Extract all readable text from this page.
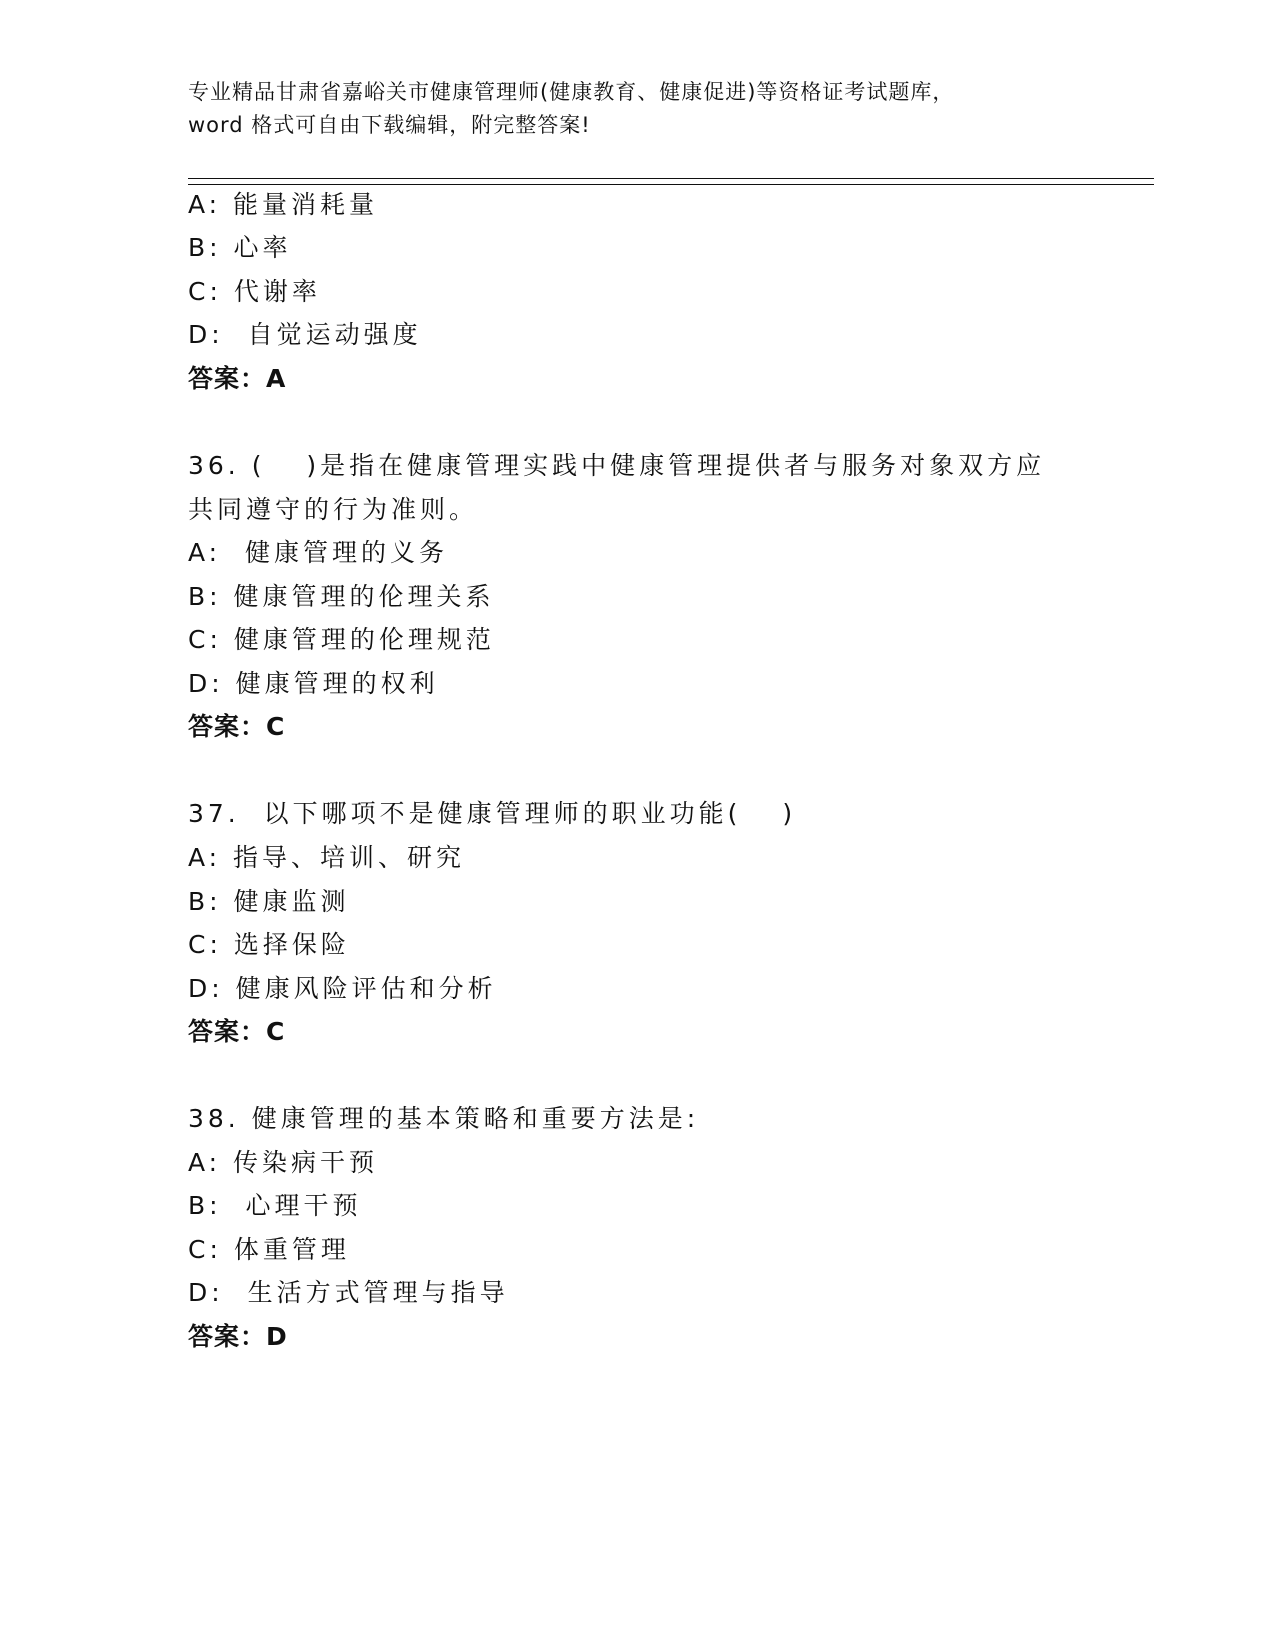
专业精品甘肃省嘉峪关市健康管理师(健康教育、健康促进)等资格证考试题库，
word 格式可自由下载编辑，附完整答案!
A: 能量消耗量
B: 心率
C: 代谢率
D:  自觉运动强度
答案：A
36. (　 )是指在健康管理实践中健康管理提供者与服务对象双方应
共同遵守的行为准则。
A:  健康管理的义务
B: 健康管理的伦理关系
C: 健康管理的伦理规范
D: 健康管理的权利
答案：C
37.  以下哪项不是健康管理师的职业功能(　 )
A: 指导、培训、研究
B: 健康监测
C: 选择保险
D: 健康风险评估和分析
答案：C
38. 健康管理的基本策略和重要方法是:
A: 传染病干预
B:  心理干预
C: 体重管理
D:  生活方式管理与指导
答案：D
